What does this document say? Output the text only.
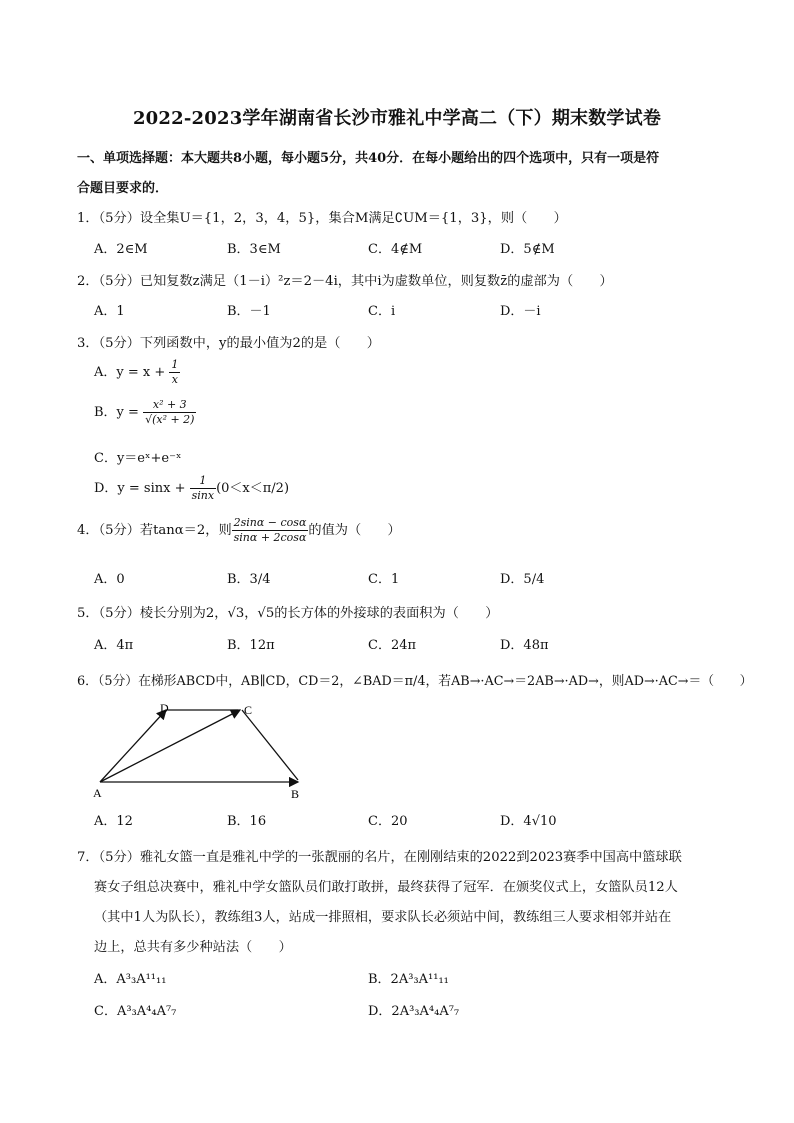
2022-2023学年湖南省长沙市雅礼中学高二（下）期末数学试卷
一、单项选择题：本大题共8小题，每小题5分，共40分．在每小题给出的四个选项中，只有一项是符
合题目要求的．
1．（5分）设全集U＝{1，2，3，4，5}，集合M满足∁UM＝{1，3}，则（　　）
A．2∈M	B．3∈M	C．4∉M	D．5∉M
2．（5分）已知复数z满足（1－i）²z＝2－4i，其中i为虚数单位，则复数z̄的虚部为（　　）
A．1	B．－1	C．i	D．－i
3．（5分）下列函数中，y的最小值为2的是（　　）
A．$y = x + \frac{1}{x}$
B．$y = \frac{\text{x² + 3}}{\text{√(x² + 2)}}$
C．y＝eˣ+e⁻ˣ
D．$y = \sin x + \frac{1}{\sin x} (0<x<\pi/2)$
4．（5分）若tanα＝2，则 $\frac{2\sin\alpha - \cos\alpha}{\sin\alpha + 2\cos\alpha}$ 的值为（　　）
A．0	B．3/4	C．1	D．5/4
5．（5分）棱长分别为2，√3，√5的长方体的外接球的表面积为（　　）
A．4π	B．12π	C．24π	D．48π
6．（5分）在梯形ABCD中，AB∥CD，CD＝2，∠BAD＝π/4，若AB→·AC→＝2AB→·AD→，则AD→·AC→＝（　　）
A	B
C
D
A．12	B．16	C．20	D．4√10
7．（5分）雅礼女篮一直是雅礼中学的一张靓丽的名片，在刚刚结束的2022到2023赛季中国高中篮球联
赛女子组总决赛中，雅礼中学女篮队员们敢打敢拼，最终获得了冠军．在颁奖仪式上，女篮队员12人
（其中1人为队长），教练组3人，站成一排照相，要求队长必须站中间，教练组三人要求相邻并站在
边上，总共有多少种站法（　　）
A．A³₃A¹¹₁₁	B．2A³₃A¹¹₁₁
C．A³₃A⁴₄A⁷₇	D．2A³₃A⁴₄A⁷₇
